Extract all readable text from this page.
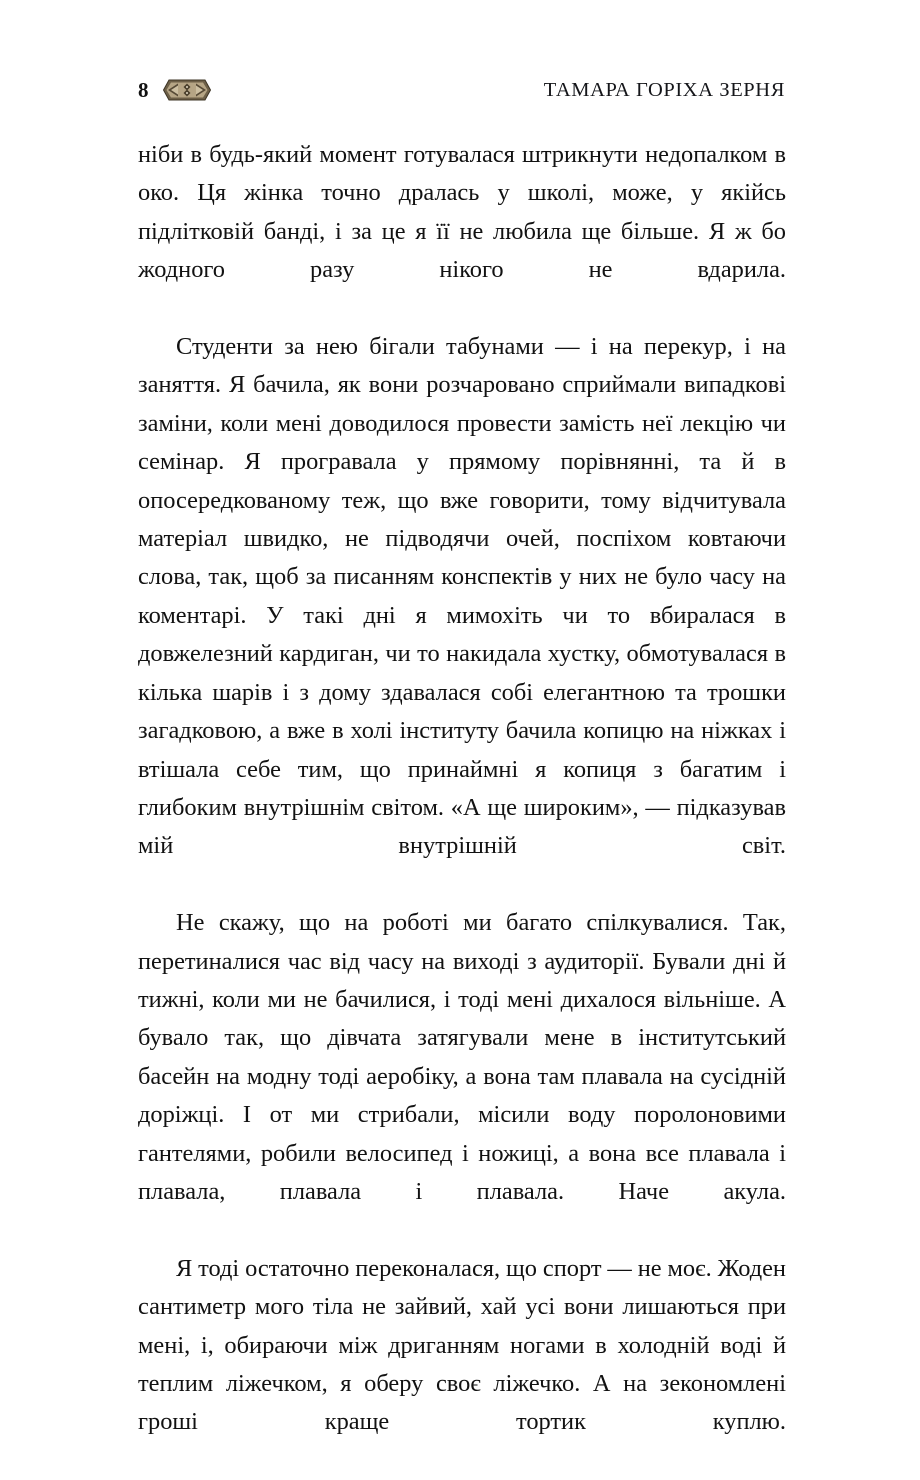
8	ТАМАРА ГОРІХА ЗЕРНЯ

ніби в будь-який момент готувалася штрикнути недопалком в око. Ця жінка точно дралась у школі, може, у якійсь підлітковій банді, і за це я її не любила ще більше. Я ж бо жодного разу нікого не вдарила.

Студенти за нею бігали табунами — і на перекур, і на заняття. Я бачила, як вони розчаровано сприймали випадкові заміни, коли мені доводилося провести замість неї лекцію чи семінар. Я програвала у прямому порівнянні, та й в опосередкованому теж, що вже говорити, тому відчитувала матеріал швидко, не підводячи очей, поспіхом ковтаючи слова, так, щоб за писанням конспектів у них не було часу на коментарі. У такі дні я мимохіть чи то вбиралася в довжелезний кардиган, чи то накидала хустку, обмотувалася в кілька шарів і з дому здавалася собі елегантною та трошки загадковою, а вже в холі інституту бачила копицю на ніжках і втішала себе тим, що принаймні я копиця з багатим і глибоким внутрішнім світом. «А ще широким», — підказував мій внутрішній світ.

Не скажу, що на роботі ми багато спілкувалися. Так, перетиналися час від часу на виході з аудиторії. Бували дні й тижні, коли ми не бачилися, і тоді мені дихалося вільніше. А бувало так, що дівчата затягували мене в інститутський басейн на модну тоді аеробіку, а вона там плавала на сусідній доріжці. І от ми стрибали, місили воду поролоновими гантелями, робили велосипед і ножиці, а вона все плавала і плавала, плавала і плавала. Наче акула.

Я тоді остаточно переконалася, що спорт — не моє. Жоден сантиметр мого тіла не зайвий, хай усі вони лишаються при мені, і, обираючи між дриганням ногами в холодній воді й теплим ліжечком, я оберу своє ліжечко. А на зекономлені гроші краще тортик куплю.
